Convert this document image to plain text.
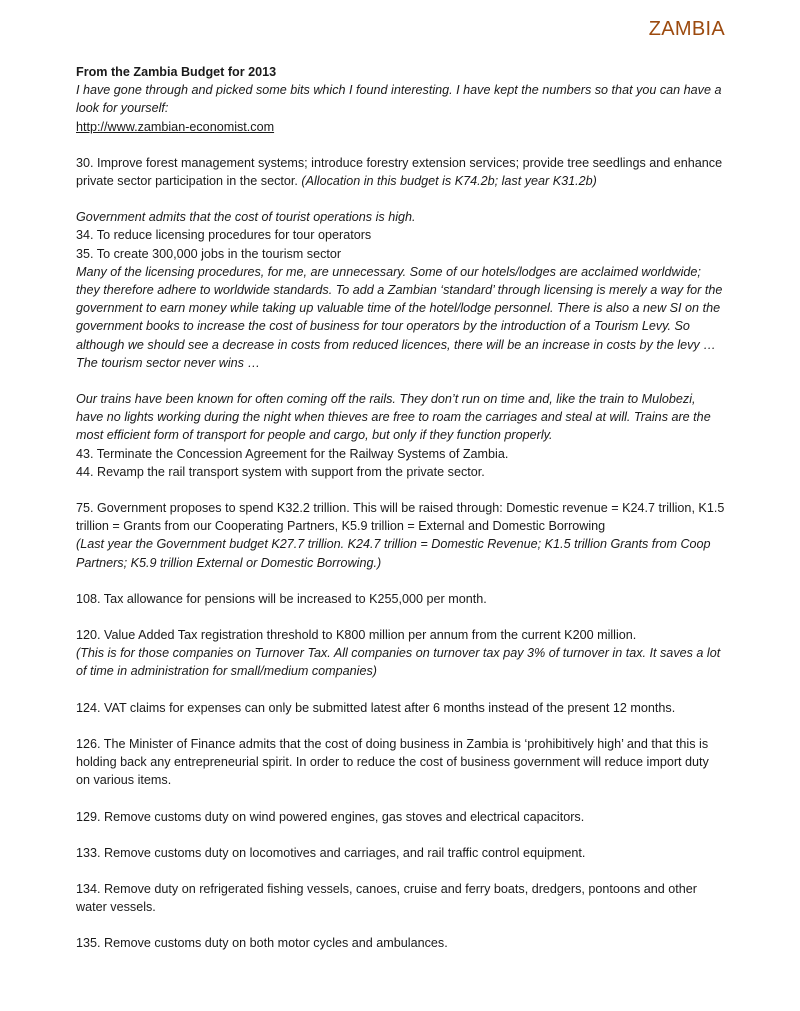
ZAMBIA

From the Zambia Budget for 2013

I have gone through and picked some bits which I found interesting. I have kept the numbers so that you can have a look for yourself:

http://www.zambian-economist.com

30. Improve forest management systems; introduce forestry extension services; provide tree seedlings and enhance private sector participation in the sector. (Allocation in this budget is K74.2b; last year K31.2b)

Government admits that the cost of tourist operations is high.

34. To reduce licensing procedures for tour operators

35. To create 300,000 jobs in the tourism sector

Many of the licensing procedures, for me, are unnecessary. Some of our hotels/lodges are acclaimed worldwide; they therefore adhere to worldwide standards. To add a Zambian ‘standard’ through licensing is merely a way for the government to earn money while taking up valuable time of the hotel/lodge personnel. There is also a new SI on the government books to increase the cost of business for tour operators by the introduction of a Tourism Levy. So although we should see a decrease in costs from reduced licences, there will be an increase in costs by the levy … The tourism sector never wins …

Our trains have been known for often coming off the rails. They don’t run on time and, like the train to Mulobezi, have no lights working during the night when thieves are free to roam the carriages and steal at will. Trains are the most efficient form of transport for people and cargo, but only if they function properly.

43. Terminate the Concession Agreement for the Railway Systems of Zambia.

44. Revamp the rail transport system with support from the private sector.

75. Government proposes to spend K32.2 trillion. This will be raised through: Domestic revenue = K24.7 trillion, K1.5 trillion = Grants from our Cooperating Partners, K5.9 trillion = External and Domestic Borrowing

(Last year the Government budget K27.7 trillion. K24.7 trillion = Domestic Revenue; K1.5 trillion Grants from Coop Partners; K5.9 trillion External or Domestic Borrowing.)

108. Tax allowance for pensions will be increased to K255,000 per month.

120. Value Added Tax registration threshold to K800 million per annum from the current K200 million.

(This is for those companies on Turnover Tax. All companies on turnover tax pay 3% of turnover in tax. It saves a lot of time in administration for small/medium companies)

124. VAT claims for expenses can only be submitted latest after 6 months instead of the present 12 months.

126. The Minister of Finance admits that the cost of doing business in Zambia is ‘prohibitively high’ and that this is holding back any entrepreneurial spirit. In order to reduce the cost of business government will reduce import duty on various items.

129. Remove customs duty on wind powered engines, gas stoves and electrical capacitors.

133. Remove customs duty on locomotives and carriages, and rail traffic control equipment.

134. Remove duty on refrigerated fishing vessels, canoes, cruise and ferry boats, dredgers, pontoons and other water vessels.

135. Remove customs duty on both motor cycles and ambulances.
